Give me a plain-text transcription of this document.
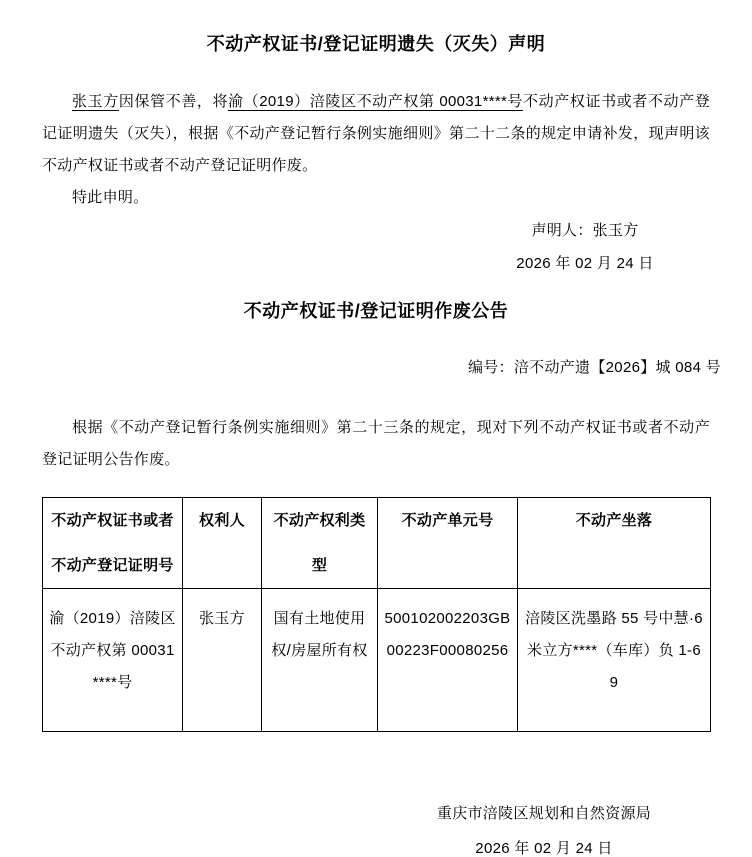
不动产权证书/登记证明遗失（灭失）声明

张玉方因保管不善，将渝（2019）涪陵区不动产权第 00031****号不动产权证书或者不动产登记证明遗失（灭失），根据《不动产登记暂行条例实施细则》第二十二条的规定申请补发，现声明该不动产权证书或者不动产登记证明作废。

特此申明。

声明人：张玉方
2026 年 02 月 24 日
不动产权证书/登记证明作废公告
编号：涪不动产遗【2026】城 084 号

根据《不动产登记暂行条例实施细则》第二十三条的规定，现对下列不动产权证书或者不动产登记证明公告作废。

不动产权证书或者
不动产登记证明号	权利人	不动产权利类型	不动产单元号	不动产坐落

渝（2019）涪陵区不动产权第 00031****号	张玉方	国有土地使用权/房屋所有权	500102002203GB00223F00080256	涪陵区洗墨路 55 号中慧·6米立方****（车库）负 1-69
重庆市涪陵区规划和自然资源局
2026 年 02 月 24 日
